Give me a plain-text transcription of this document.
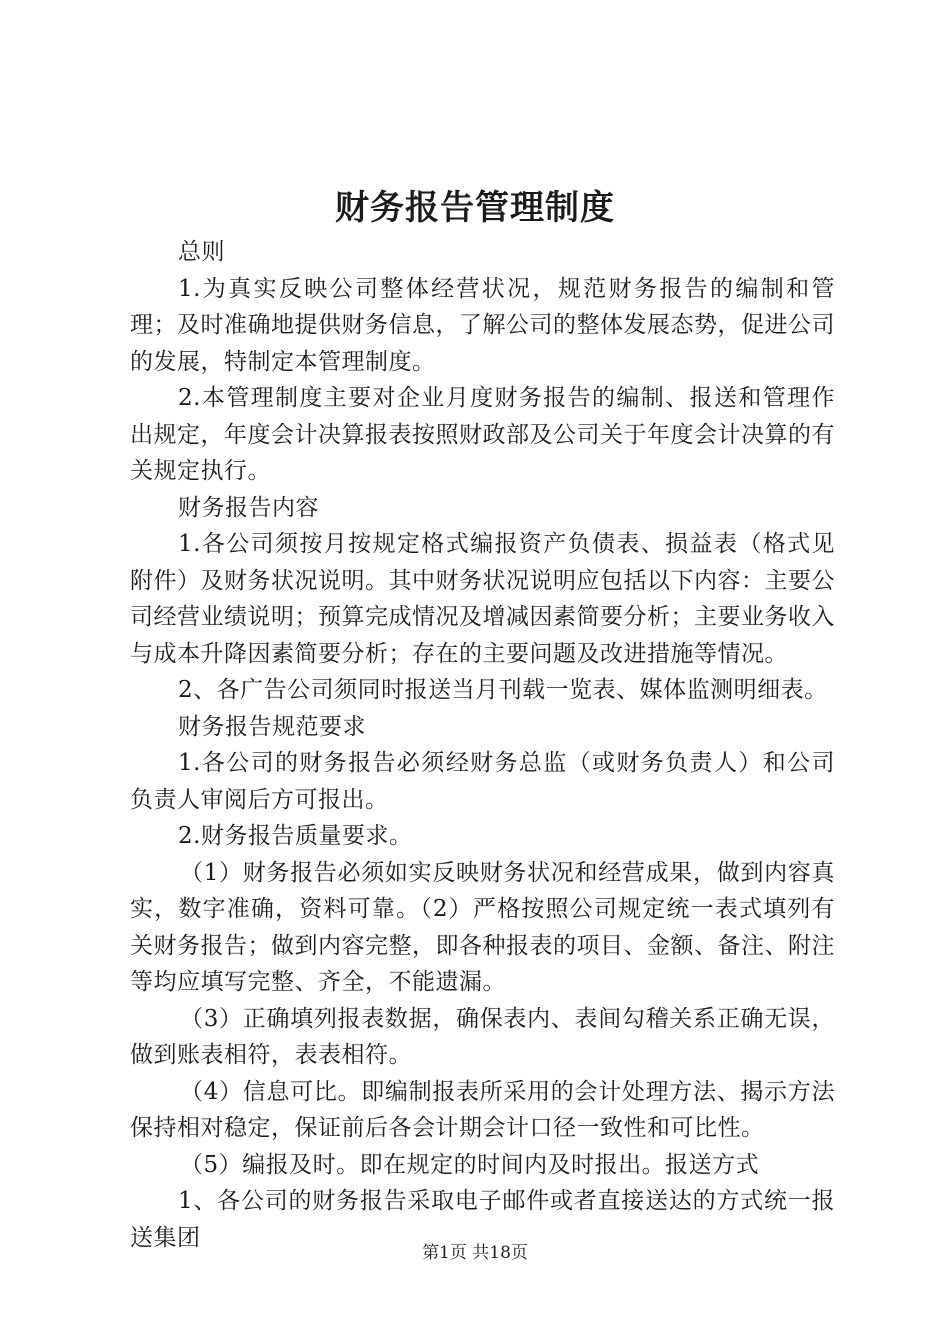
财务报告管理制度

总则

1.为真实反映公司整体经营状况，规范财务报告的编制和管理；及时准确地提供财务信息，了解公司的整体发展态势，促进公司的发展，特制定本管理制度。

2.本管理制度主要对企业月度财务报告的编制、报送和管理作出规定，年度会计决算报表按照财政部及公司关于年度会计决算的有关规定执行。

财务报告内容

1.各公司须按月按规定格式编报资产负债表、损益表（格式见附件）及财务状况说明。其中财务状况说明应包括以下内容：主要公司经营业绩说明；预算完成情况及增减因素简要分析；主要业务收入与成本升降因素简要分析；存在的主要问题及改进措施等情况。

2、各广告公司须同时报送当月刊载一览表、媒体监测明细表。

财务报告规范要求

1.各公司的财务报告必须经财务总监（或财务负责人）和公司负责人审阅后方可报出。

2.财务报告质量要求。

（1）财务报告必须如实反映财务状况和经营成果，做到内容真实，数字准确，资料可靠。（2）严格按照公司规定统一表式填列有关财务报告；做到内容完整，即各种报表的项目、金额、备注、附注等均应填写完整、齐全，不能遗漏。

（3）正确填列报表数据，确保表内、表间勾稽关系正确无误，做到账表相符，表表相符。

（4）信息可比。即编制报表所采用的会计处理方法、揭示方法保持相对稳定，保证前后各会计期会计口径一致性和可比性。

（5）编报及时。即在规定的时间内及时报出。报送方式

1、各公司的财务报告采取电子邮件或者直接送达的方式统一报送集团

第1页 共18页
